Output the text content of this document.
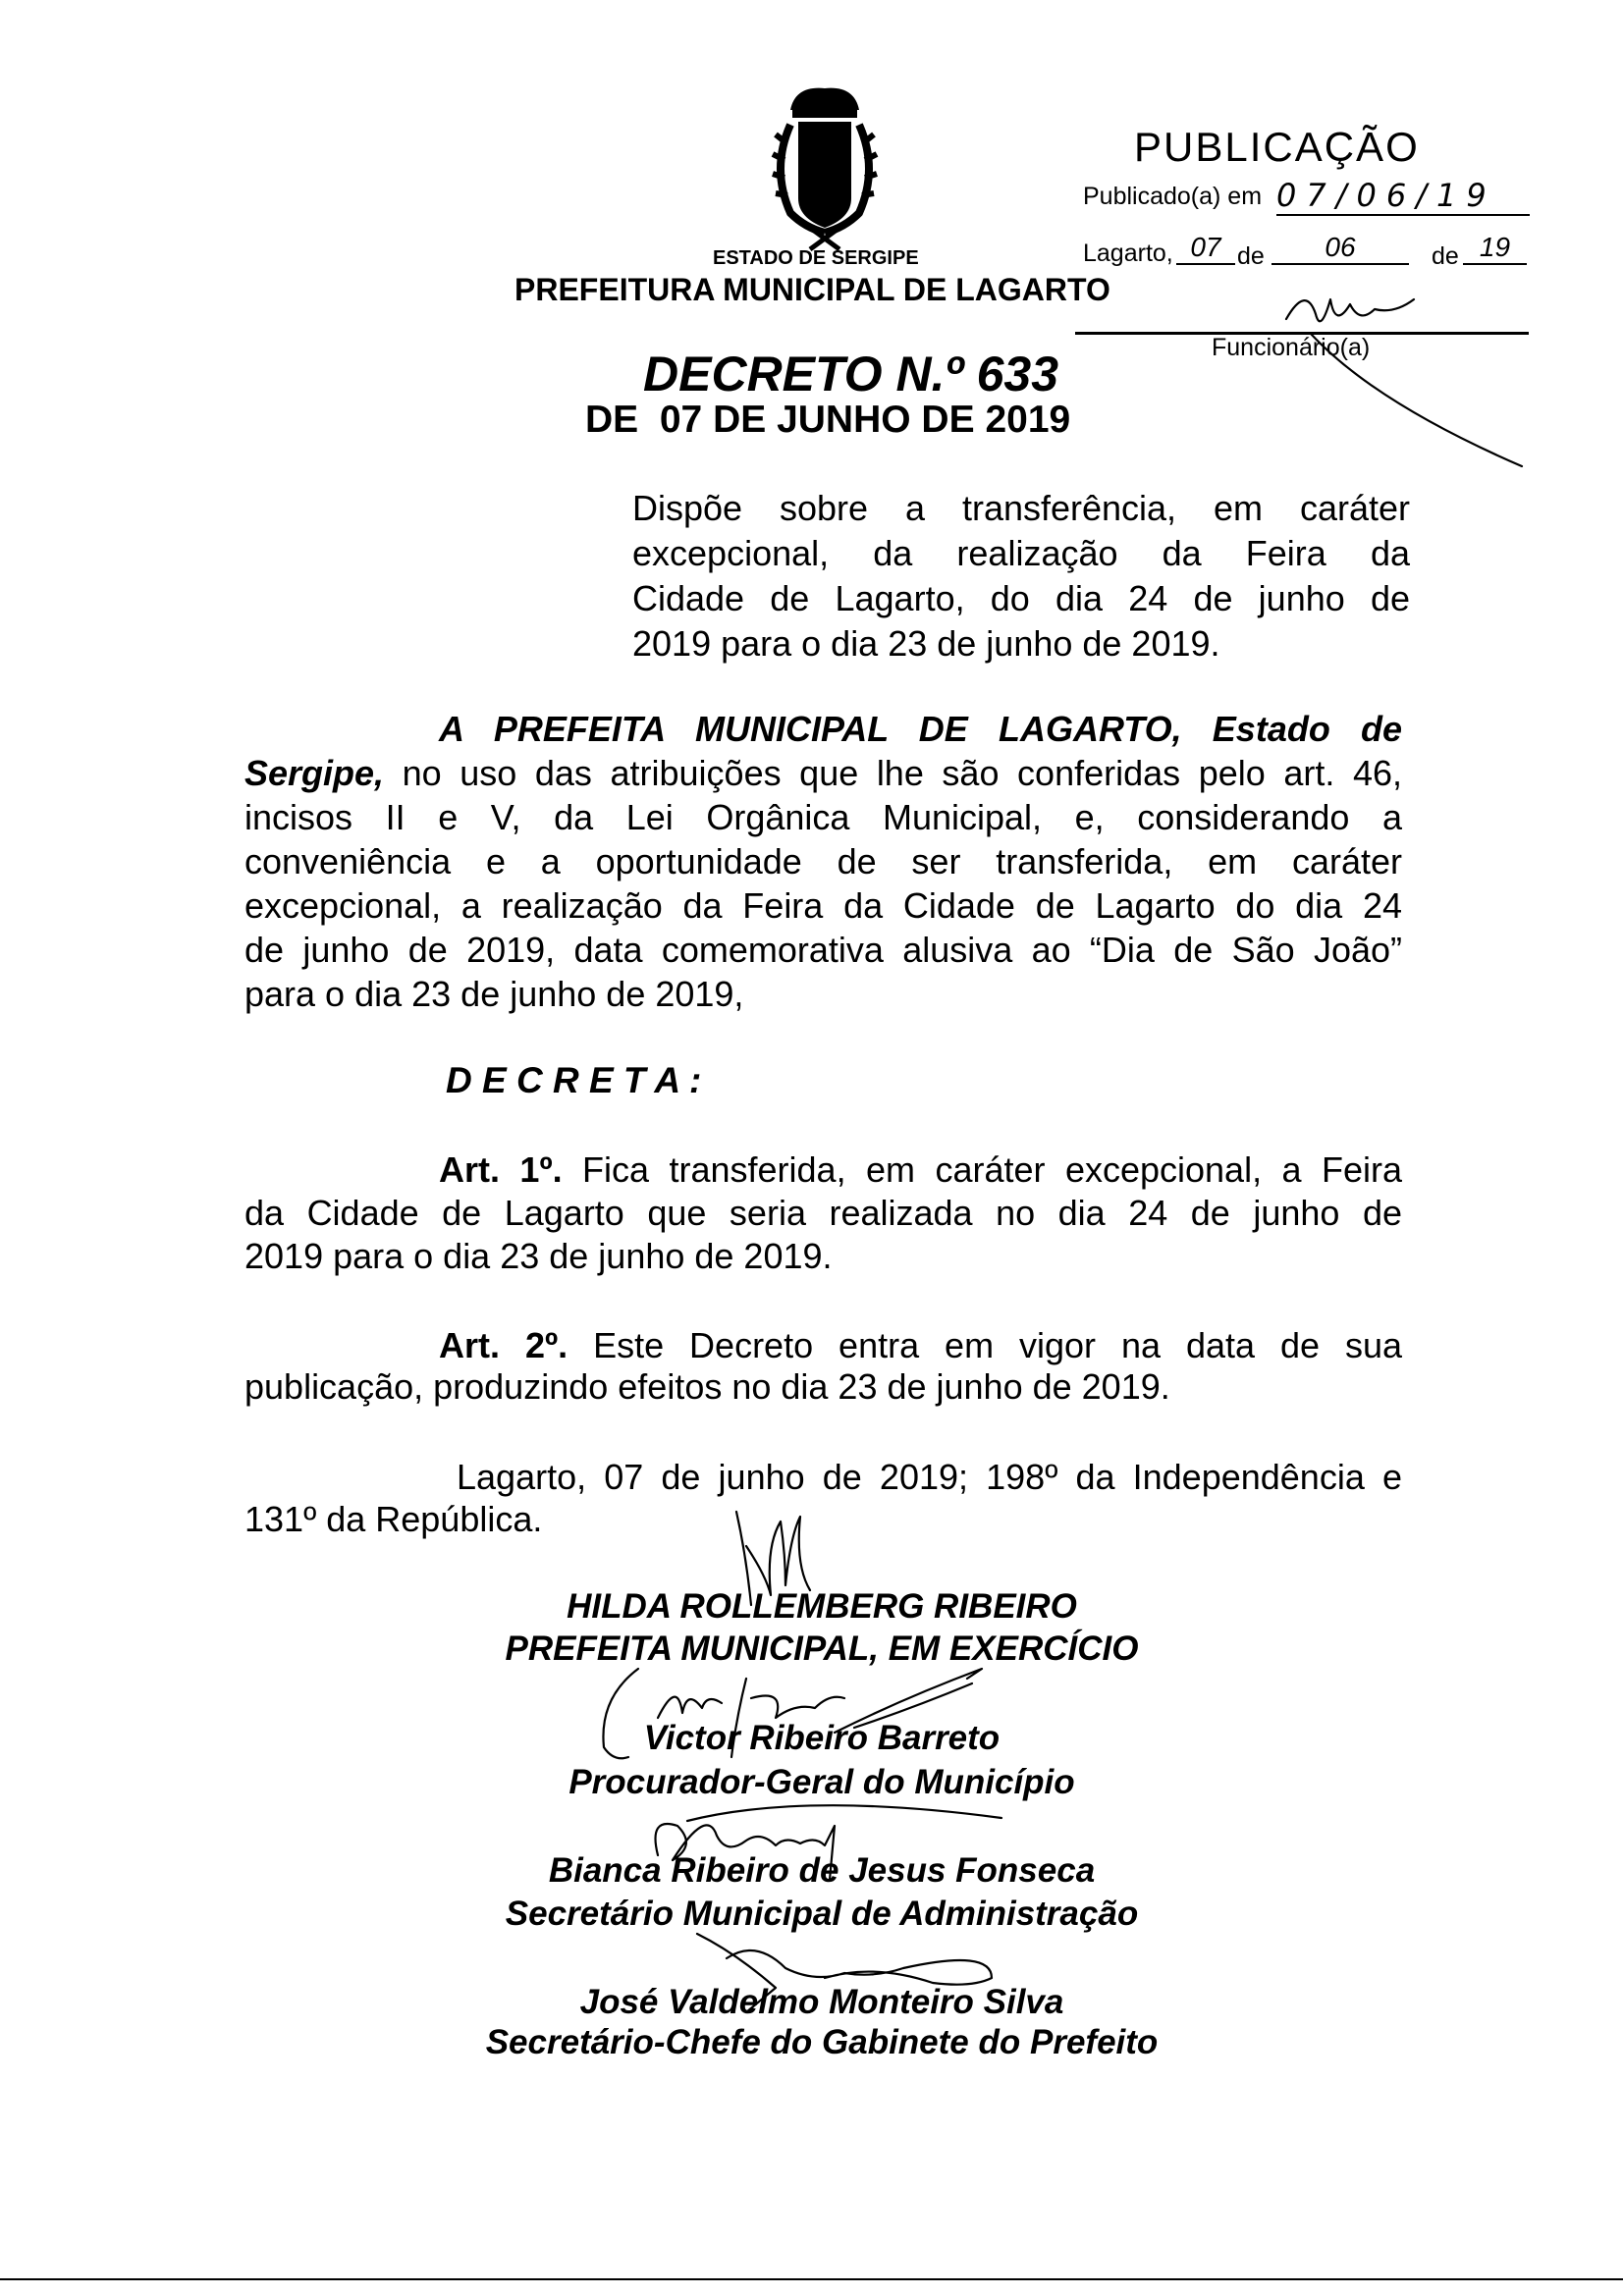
ESTADO DE SERGIPE
PREFEITURA MUNICIPAL DE LAGARTO
PUBLICAÇÃO
Publicado(a) em 07/06/19
Lagarto, 07 de	06	de 19
Funcionário(a)
DECRETO N.º 633
DE  07 DE JUNHO DE 2019
Dispõe sobre a transferência, em caráter
excepcional, da realização da Feira da
Cidade de Lagarto, do dia 24 de junho de
2019 para o dia 23 de junho de 2019.
A PREFEITA MUNICIPAL DE LAGARTO, Estado de
Sergipe, no uso das atribuições que lhe são conferidas pelo art. 46,
incisos II e V, da Lei Orgânica Municipal, e, considerando a
conveniência e a oportunidade de ser transferida, em caráter
excepcional, a realização da Feira da Cidade de Lagarto do dia 24
de junho de 2019, data comemorativa alusiva ao “Dia de São João”
para o dia 23 de junho de 2019,
D E C R E T A :
Art. 1º. Fica transferida, em caráter excepcional, a Feira
da Cidade de Lagarto que seria realizada no dia 24 de junho de
2019 para o dia 23 de junho de 2019.
Art. 2º. Este Decreto entra em vigor na data de sua
publicação, produzindo efeitos no dia 23 de junho de 2019.
Lagarto, 07 de junho de 2019; 198º da Independência e
131º da República.
HILDA ROLLEMBERG RIBEIRO
PREFEITA MUNICIPAL, EM EXERCÍCIO
Victor Ribeiro Barreto
Procurador-Geral do Município
Bianca Ribeiro de Jesus Fonseca
Secretário Municipal de Administração
José Valdelmo Monteiro Silva
Secretário-Chefe do Gabinete do Prefeito
